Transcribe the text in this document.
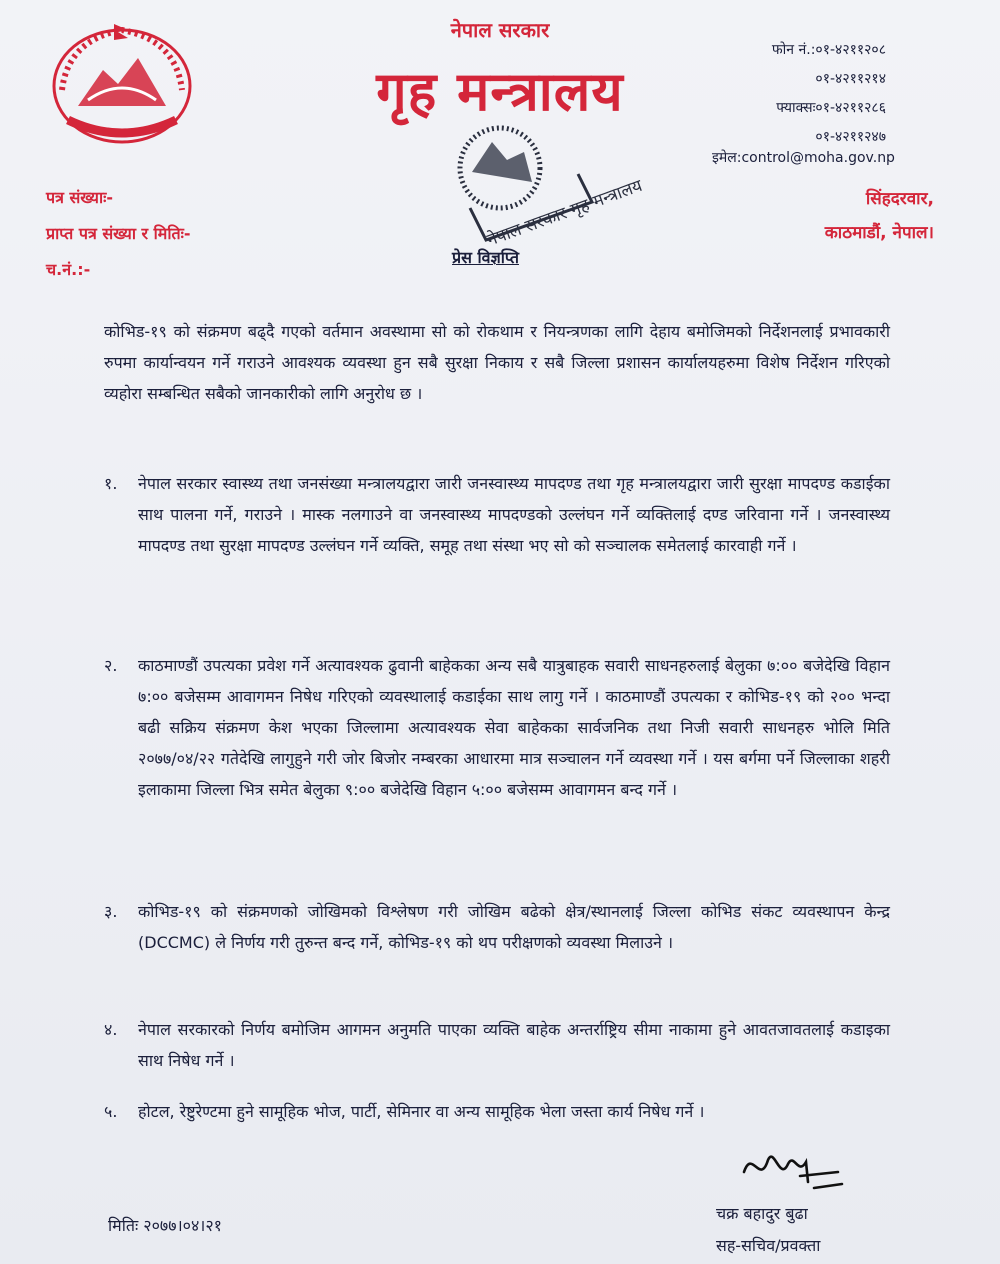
नेपाल सरकार
गृह मन्त्रालय
फोन नं.:०१-४२११२०८
०१-४२११२१४
फ्याक्सः०१-४२११२८६
०१-४२११२४७
इमेल:control@moha.gov.np
सिंहदरवार,
काठमाडौं, नेपाल।
पत्र संख्याः-
प्राप्त पत्र संख्या र मितिः-
च.नं.:-
नेपाल सरकार गृह मन्त्रालय
प्रेस विज्ञप्ति
कोभिड-१९ को संक्रमण बढ्दै गएको वर्तमान अवस्थामा सो को रोकथाम र नियन्त्रणका लागि देहाय बमोजिमको निर्देशनलाई प्रभावकारी रुपमा कार्यान्वयन गर्ने गराउने आवश्यक व्यवस्था हुन सबै सुरक्षा निकाय र सबै जिल्ला प्रशासन कार्यालयहरुमा विशेष निर्देशन गरिएको व्यहोरा सम्बन्धित सबैको जानकारीको लागि अनुरोध छ ।
१.	नेपाल सरकार स्वास्थ्य तथा जनसंख्या मन्त्रालयद्वारा जारी जनस्वास्थ्य मापदण्ड तथा गृह मन्त्रालयद्वारा जारी सुरक्षा मापदण्ड कडाईका साथ पालना गर्ने, गराउने । मास्क नलगाउने वा जनस्वास्थ्य मापदण्डको उल्लंघन गर्ने व्यक्तिलाई दण्ड जरिवाना गर्ने । जनस्वास्थ्य मापदण्ड तथा सुरक्षा मापदण्ड उल्लंघन गर्ने व्यक्ति, समूह तथा संस्था भए सो को सञ्चालक समेतलाई कारवाही गर्ने ।
२.	काठमाण्डौं उपत्यका प्रवेश गर्ने अत्यावश्यक ढुवानी बाहेकका अन्य सबै यात्रुबाहक सवारी साधनहरुलाई बेलुका ७:०० बजेदेखि विहान ७:०० बजेसम्म आवागमन निषेध गरिएको व्यवस्थालाई कडाईका साथ लागु गर्ने । काठमाण्डौं उपत्यका र कोभिड-१९ को २०० भन्दा बढी सक्रिय संक्रमण केश भएका जिल्लामा अत्यावश्यक सेवा बाहेकका सार्वजनिक तथा निजी सवारी साधनहरु भोलि मिति २०७७/०४/२२ गतेदेखि लागुहुने गरी जोर बिजोर नम्बरका आधारमा मात्र सञ्चालन गर्ने व्यवस्था गर्ने । यस बर्गमा पर्ने जिल्लाका शहरी इलाकामा जिल्ला भित्र समेत बेलुका ९:०० बजेदेखि विहान ५:०० बजेसम्म आवागमन बन्द गर्ने ।
३.	कोभिड-१९ को संक्रमणको जोखिमको विश्लेषण गरी जोखिम बढेको क्षेत्र/स्थानलाई जिल्ला कोभिड संकट व्यवस्थापन केन्द्र (DCCMC) ले निर्णय गरी तुरुन्त बन्द गर्ने, कोभिड-१९ को थप परीक्षणको व्यवस्था मिलाउने ।
४.	नेपाल सरकारको निर्णय बमोजिम आगमन अनुमति पाएका व्यक्ति बाहेक अन्तर्राष्ट्रिय सीमा नाकामा हुने आवतजावतलाई कडाइका साथ निषेध गर्ने ।
५.	होटल, रेष्टुरेण्टमा हुने सामूहिक भोज, पार्टी, सेमिनार वा अन्य सामूहिक भेला जस्ता कार्य निषेध गर्ने ।
चक्र बहादुर बुढा
सह-सचिव/प्रवक्ता
मितिः २०७७।०४।२१
